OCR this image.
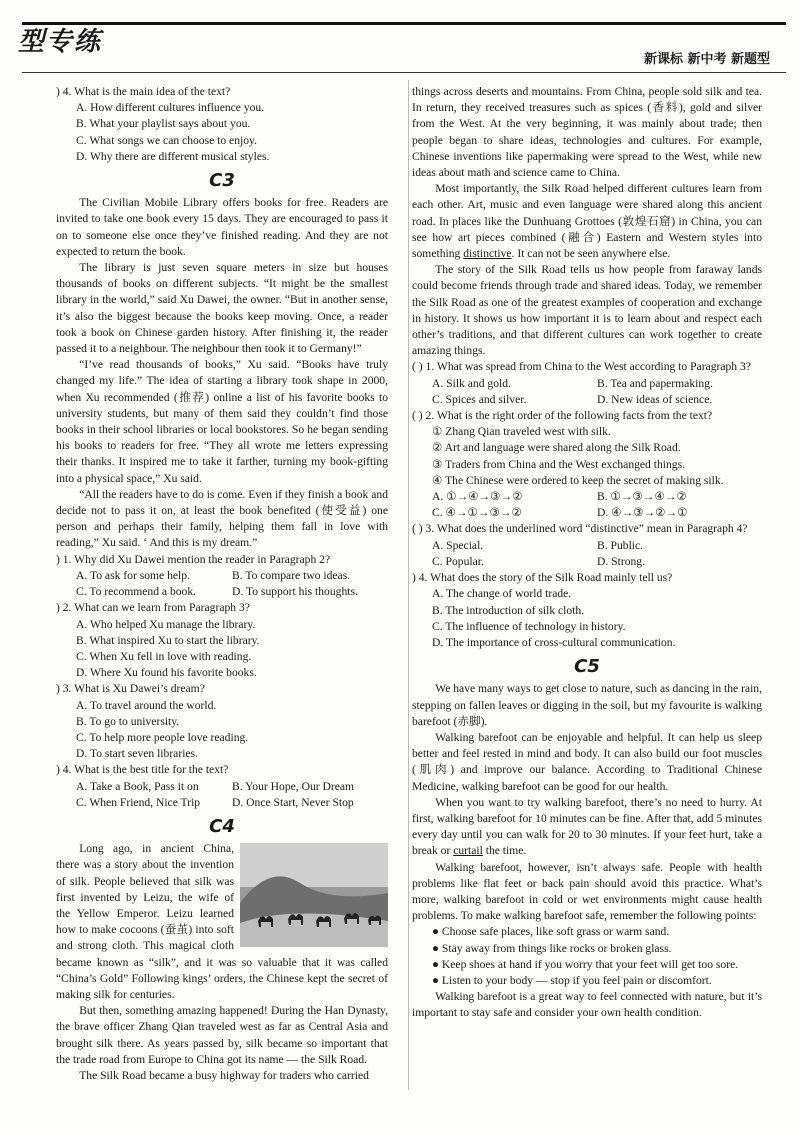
型专练
新课标 新中考 新题型

) 4. What is the main idea of the text?

A. How different cultures influence you.

B. What your playlist says about you.

C. What songs we can choose to enjoy.

D. Why there are different musical styles.

C3

The Civilian Mobile Library offers books for free. Readers are invited to take one book every 15 days. They are encouraged to pass it on to someone else once they’ve finished reading. And they are not expected to return the book.

The library is just seven square meters in size but houses thousands of books on different subjects. “It might be the smallest library in the world,” said Xu Dawei, the owner. “But in another sense, it’s also the biggest because the books keep moving. Once, a reader took a book on Chinese garden history. After finishing it, the reader passed it to a neighbour. The neighbour then took it to Germany!”

“I’ve read thousands of books,” Xu said. “Books have truly changed my life.” The idea of starting a library took shape in 2000, when Xu recommended (推荐) online a list of his favorite books to university students, but many of them said they couldn’t find those books in their school libraries or local bookstores. So he began sending his books to readers for free. “They all wrote me letters expressing their thanks. It inspired me to take it farther, turning my book-gifting into a physical space,” Xu said.

“All the readers have to do is come. Even if they finish a book and decide not to pass it on, at least the book benefited (使受益) one person and perhaps their family, helping them fall in love with reading,” Xu said. ‘ And this is my dream.”

) 1. Why did Xu Dawei mention the reader in Paragraph 2?

A. To ask for some help.	B. To compare two ideas.
C. To recommend a book.	D. To support his thoughts.

) 2. What can we learn from Paragraph 3?

A. Who helped Xu manage the library.

B. What inspired Xu to start the library.

C. When Xu fell in love with reading.

D. Where Xu found his favorite books.

) 3. What is Xu Dawei’s dream?

A. To travel around the world.

B. To go to university.

C. To help more people love reading.

D. To start seven libraries.

) 4. What is the best title for the text?

A. Take a Book, Pass it on	B. Your Hope, Our Dream
C. When Friend, Nice Trip	D. Once Start, Never Stop
C4

Long ago, in ancient China, there was a story about the invention of silk. People believed that silk was first invented by Leizu, the wife of the Yellow Emperor. Leizu learned how to make cocoons (蚕茧) into soft and strong cloth. This magical cloth became known as “silk”, and it was so valuable that it was called “China’s Gold” Following kings’ orders, the Chinese kept the secret of making silk for centuries.

But then, something amazing happened! During the Han Dynasty, the brave officer Zhang Qian traveled west as far as Central Asia and brought silk there. As years passed by, silk became so important that the trade road from Europe to China got its name — the Silk Road.

The Silk Road became a busy highway for traders who carried

things across deserts and mountains. From China, people sold silk and tea. In return, they received treasures such as spices (香料), gold and silver from the West. At the very beginning, it was mainly about trade; then people began to share ideas, technologies and cultures. For example, Chinese inventions like papermaking were spread to the West, while new ideas about math and science came to China.

Most importantly, the Silk Road helped different cultures learn from each other. Art, music and even language were shared along this ancient road. In places like the Dunhuang Grottoes (敦煌石窟) in China, you can see how art pieces combined (融合) Eastern and Western styles into something distinctive. It can not be seen anywhere else.

The story of the Silk Road tells us how people from faraway lands could become friends through trade and shared ideas. Today, we remember the Silk Road as one of the greatest examples of cooperation and exchange in history. It shows us how important it is to learn about and respect each other’s traditions, and that different cultures can work together to create amazing things.

( ) 1. What was spread from China to the West according to Paragraph 3?

A. Silk and gold.	B. Tea and papermaking.
C. Spices and silver.	D. New ideas of science.

( ) 2. What is the right order of the following facts from the text?

① Zhang Qian traveled west with silk.

② Art and language were shared along the Silk Road.

③ Traders from China and the West exchanged things.

④ The Chinese were ordered to keep the secret of making silk.

A. ①→④→③→②	B. ①→③→④→②
C. ④→①→③→②	D. ④→③→②→①

( ) 3. What does the underlined word “distinctive” mean in Paragraph 4?

A. Special.	B. Public.
C. Popular.	D. Strong.

) 4. What does the story of the Silk Road mainly tell us?

A. The change of world trade.

B. The introduction of silk cloth.

C. The influence of technology in history.

D. The importance of cross-cultural communication.

C5

We have many ways to get close to nature, such as dancing in the rain, stepping on fallen leaves or digging in the soil, but my favourite is walking barefoot (赤脚).

Walking barefoot can be enjoyable and helpful. It can help us sleep better and feel rested in mind and body. It can also build our foot muscles (肌肉) and improve our balance. According to Traditional Chinese Medicine, walking barefoot can be good for our health.

When you want to try walking barefoot, there’s no need to hurry. At first, walking barefoot for 10 minutes can be fine. After that, add 5 minutes every day until you can walk for 20 to 30 minutes. If your feet hurt, take a break or curtail the time.

Walking barefoot, however, isn’t always safe. People with health problems like flat feet or back pain should avoid this practice. What’s more, walking barefoot in cold or wet environments might cause health problems. To make walking barefoot safe, remember the following points:

● Choose safe places, like soft grass or warm sand.

● Stay away from things like rocks or broken glass.

● Keep shoes at hand if you worry that your feet will get too sore.

● Listen to your body — stop if you feel pain or discomfort.

Walking barefoot is a great way to feel connected with nature, but it’s important to stay safe and consider your own health condition.
